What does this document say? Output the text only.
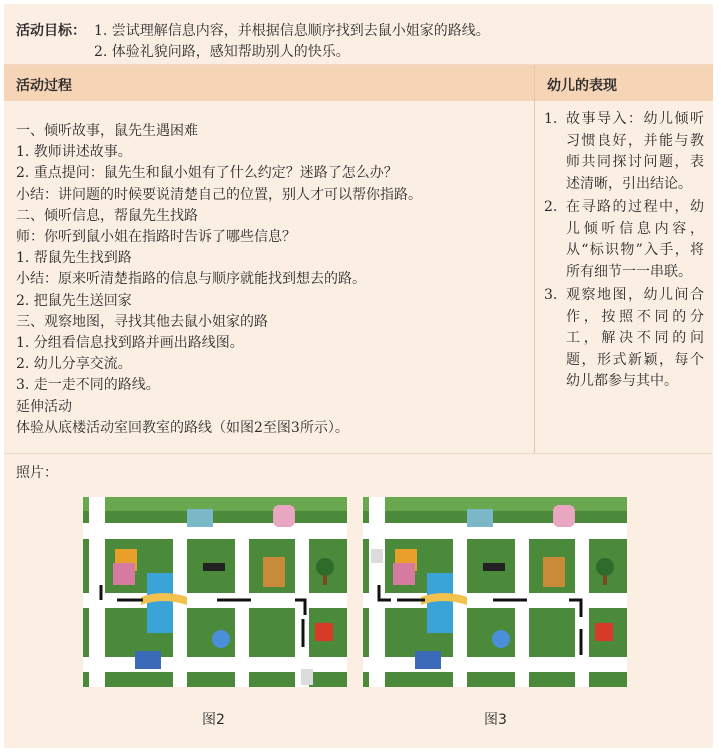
活动目标： 1. 尝试理解信息内容，并根据信息顺序找到去鼠小姐家的路线。
2. 体验礼貌问路，感知帮助别人的快乐。
活动过程	幼儿的表现
一、倾听故事，鼠先生遇困难
1. 教师讲述故事。
2. 重点提问：鼠先生和鼠小姐有了什么约定？迷路了怎么办？
小结：讲问题的时候要说清楚自己的位置，别人才可以帮你指路。
二、倾听信息，帮鼠先生找路
师：你听到鼠小姐在指路时告诉了哪些信息？
1. 帮鼠先生找到路
小结：原来听清楚指路的信息与顺序就能找到想去的路。
2. 把鼠先生送回家
三、观察地图，寻找其他去鼠小姐家的路
1. 分组看信息找到路并画出路线图。
2. 幼儿分享交流。
3. 走一走不同的路线。
延伸活动
体验从底楼活动室回教室的路线（如图2至图3所示）。
1. 故事导入：幼儿倾听习惯良好，并能与教师共同探讨问题，表述清晰，引出结论。
2. 在寻路的过程中，幼儿倾听信息内容，从“标识物”入手，将所有细节一一串联。
3. 观察地图，幼儿间合作，按照不同的分工，解决不同的问题，形式新颖，每个幼儿都参与其中。
照片：
图2	图3
